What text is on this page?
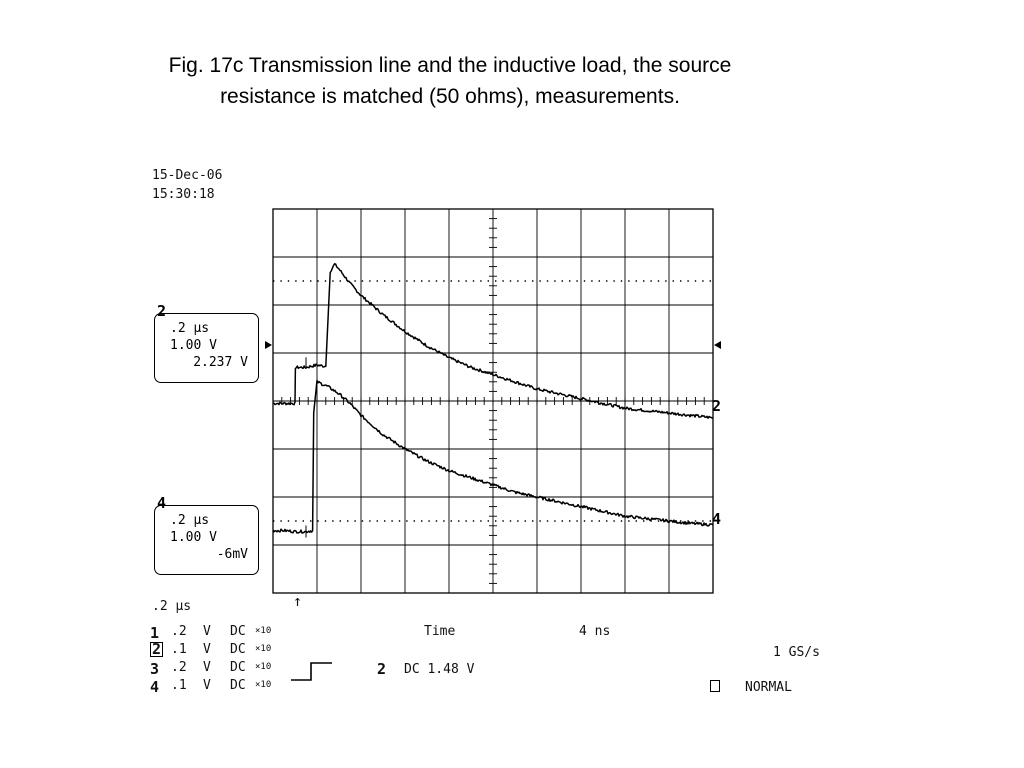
Fig. 17c Transmission line and the inductive load, the source resistance is matched (50 ohms), measurements.
15-Dec-06
15:30:18
2
.2 µs
1.00 V
2.237 V
4
.2 µs
1.00 V
-6mV
2
4
↑
.2 µs
1 .2 V DC ×10
2 .1 V DC ×10
3 .2 V DC ×10
4 .1 V DC ×10
Time	4 ns
1 GS/s
2 DC 1.48 V
NORMAL
